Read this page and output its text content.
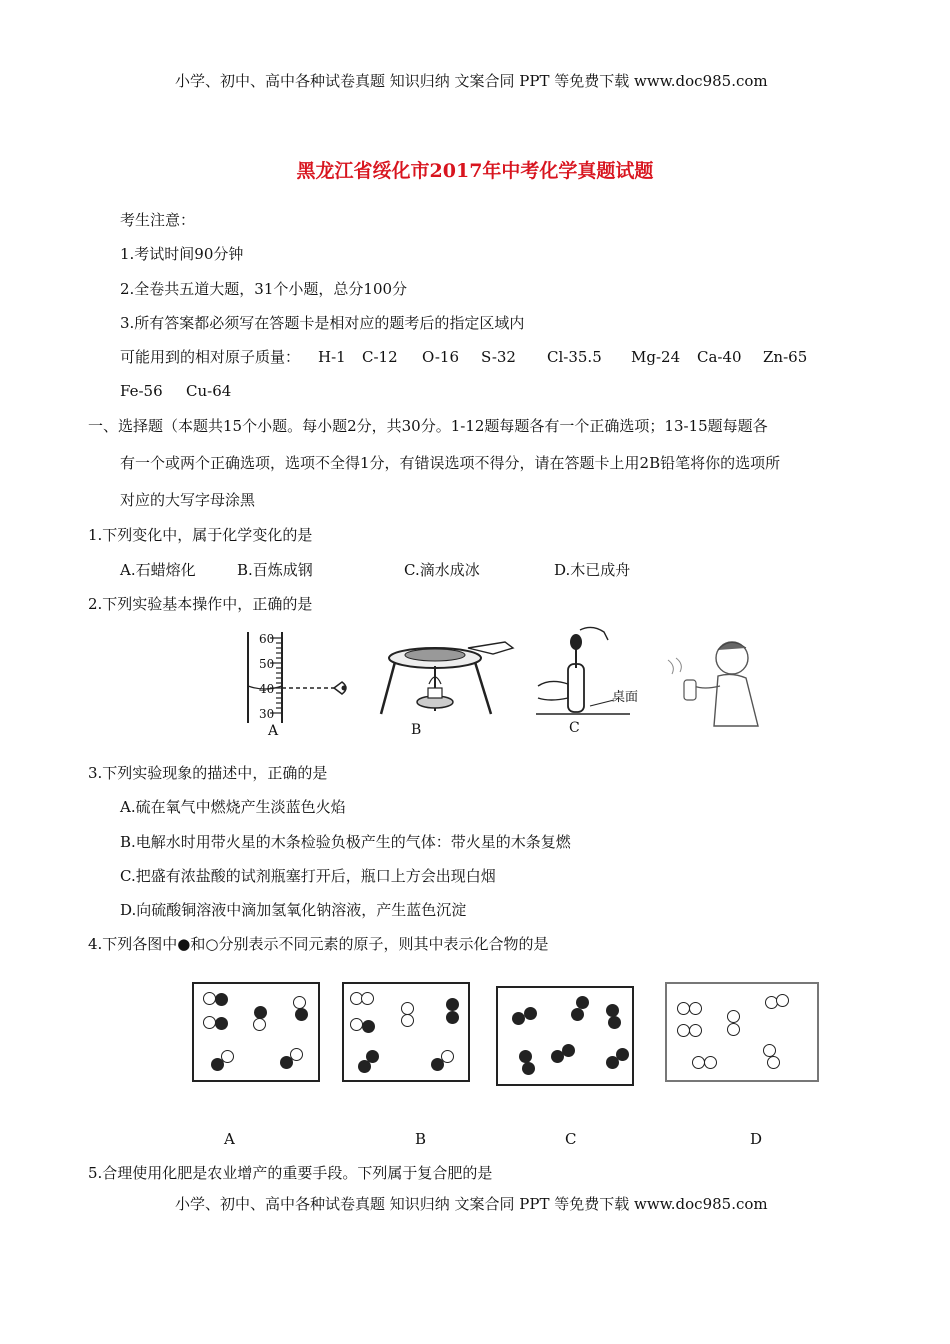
小学、初中、高中各种试卷真题 知识归纳 文案合同 PPT 等免费下载 www.doc985.com
黑龙江省绥化市2017年中考化学真题试题
考生注意：
1.考试时间90分钟
2.全卷共五道大题，31个小题，总分100分
3.所有答案都必须写在答题卡是相对应的题考后的指定区域内
可能用到的相对原子质量： H-1 C-12 O-16 S-32 Cl-35.5 Mg-24 Ca-40 Zn-65
Fe-56 Cu-64
一、选择题（本题共15个小题。每小题2分，共30分。1-12题每题各有一个正确选项；13-15题每题各
有一个或两个正确选项，选项不全得1分，有错误选项不得分，请在答题卡上用2B铅笔将你的选项所
对应的大写字母涂黑
1.下列变化中，属于化学变化的是
A.石蜡熔化	B.百炼成钢	C.滴水成冰	D.木已成舟
2.下列实验基本操作中，正确的是
60
50
40
30
A	B
桌面
C
3.下列实验现象的描述中，正确的是
A.硫在氧气中燃烧产生淡蓝色火焰
B.电解水时用带火星的木条检验负极产生的气体：带火星的木条复燃
C.把盛有浓盐酸的试剂瓶塞打开后，瓶口上方会出现白烟
D.向硫酸铜溶液中滴加氢氧化钠溶液，产生蓝色沉淀
4.下列各图中●和○分别表示不同元素的原子，则其中表示化合物的是
A	B	C	D
5.合理使用化肥是农业增产的重要手段。下列属于复合肥的是
小学、初中、高中各种试卷真题 知识归纳 文案合同 PPT 等免费下载 www.doc985.com
